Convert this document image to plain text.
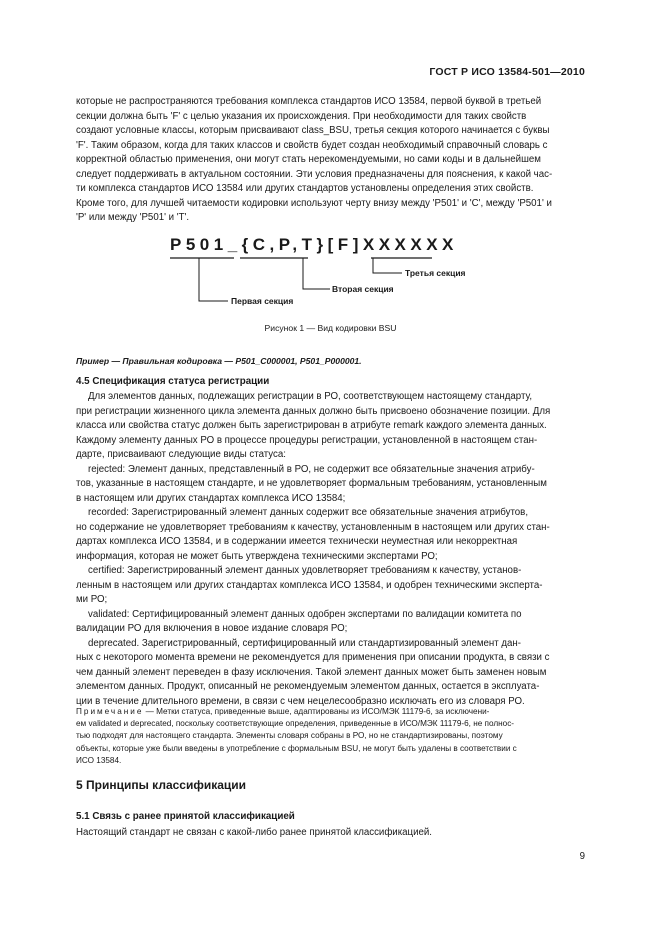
ГОСТ Р ИСО 13584-501—2010
которые не распространяются требования комплекса стандартов ИСО 13584, первой буквой в третьей
секции должна быть 'F' с целью указания их происхождения. При необходимости для таких свойств
создают условные классы, которым присваивают class_BSU, третья секция которого начинается с буквы
'F'. Таким образом, когда для таких классов и свойств будет создан необходимый справочный словарь с
корректной областью применения, они могут стать нерекомендуемыми, но сами коды и в дальнейшем
следует поддерживать в актуальном состоянии. Эти условия предназначены для пояснения, к какой час-
ти комплекса стандартов ИСО 13584 или других стандартов установлены определения этих свойств.
Кроме того, для лучшей читаемости кодировки используют черту внизу между 'P501' и 'C', между 'P501' и
'P' или между 'P501' и 'T'.
P501_{C,P,T}[F]XXXXXX
Третья секция
Вторая секция
Первая секция
Рисунок 1 — Вид кодировки BSU
Пример — Правильная кодировка — P501_C000001, P501_P000001.
4.5 Спецификация статуса регистрации
Для элементов данных, подлежащих регистрации в РО, соответствующем настоящему стандарту,
при регистрации жизненного цикла элемента данных должно быть присвоено обозначение позиции. Для
класса или свойства статус должен быть зарегистрирован в атрибуте remark каждого элемента данных.
Каждому элементу данных РО в процессе процедуры регистрации, установленной в настоящем стан-
дарте, присваивают следующие виды статуса:
rejected: Элемент данных, представленный в РО, не содержит все обязательные значения атрибу-
тов, указанные в настоящем стандарте, и не удовлетворяет формальным требованиям, установленным
в настоящем или других стандартах комплекса ИСО 13584;
recorded: Зарегистрированный элемент данных содержит все обязательные значения атрибутов,
но содержание не удовлетворяет требованиям к качеству, установленным в настоящем или других стан-
дартах комплекса ИСО 13584, и в содержании имеется технически неуместная или некорректная
информация, которая не может быть утверждена техническими экспертами РО;
certified: Зарегистрированный элемент данных удовлетворяет требованиям к качеству, установ-
ленным в настоящем или других стандартах комплекса ИСО 13584, и одобрен техническими эксперта-
ми РО;
validated: Сертифицированный элемент данных одобрен экспертами по валидации комитета по
валидации РО для включения в новое издание словаря РО;
deprecated. Зарегистрированный, сертифицированный или стандартизированный элемент дан-
ных с некоторого момента времени не рекомендуется для применения при описании продукта, в связи с
чем данный элемент переведен в фазу исключения. Такой элемент данных может быть заменен новым
элементом данных. Продукт, описанный не рекомендуемым элементом данных, остается в эксплуата-
ции в течение длительного времени, в связи с чем нецелесообразно исключать его из словаря РО.
Примечание — Метки статуса, приведенные выше, адаптированы из ИСО/МЭК 11179-6, за исключени-
ем validated и deprecated, поскольку соответствующие определения, приведенные в ИСО/МЭК 11179-6, не полнос-
тью подходят для настоящего стандарта. Элементы словаря собраны в РО, но не стандартизированы, поэтому
объекты, которые уже были введены в употребление с формальным BSU, не могут быть удалены в соответствии с
ИСО 13584.
5 Принципы классификации
5.1 Связь с ранее принятой классификацией
Настоящий стандарт не связан с какой-либо ранее принятой классификацией.
9
